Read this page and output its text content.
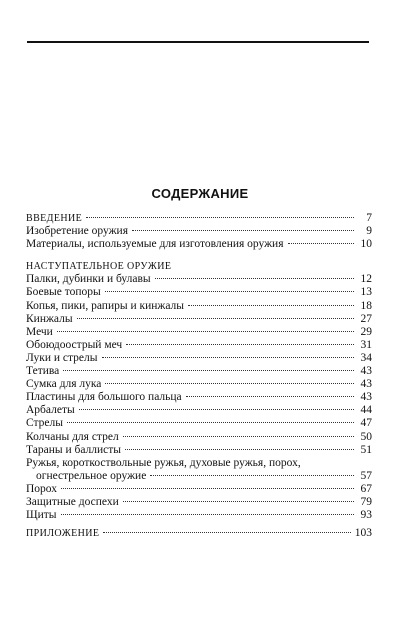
СОДЕРЖАНИЕ
ВВЕДЕНИЕ	7
Изобретение оружия	9
Материалы, используемые для изготовления оружия	10
НАСТУПАТЕЛЬНОЕ ОРУЖИЕ
Палки, дубинки и булавы	12
Боевые топоры	13
Копья, пики, рапиры и кинжалы	18
Кинжалы	27
Мечи	29
Обоюдоострый меч	31
Луки и стрелы	34
Тетива	43
Сумка для лука	43
Пластины для большого пальца	43
Арбалеты	44
Стрелы	47
Колчаны для стрел	50
Тараны и баллисты	51
Ружья, короткоствольные ружья, духовые ружья, порох,
огнестрельное оружие	57
Порох	67
Защитные доспехи	79
Щиты	93
ПРИЛОЖЕНИЕ	103
